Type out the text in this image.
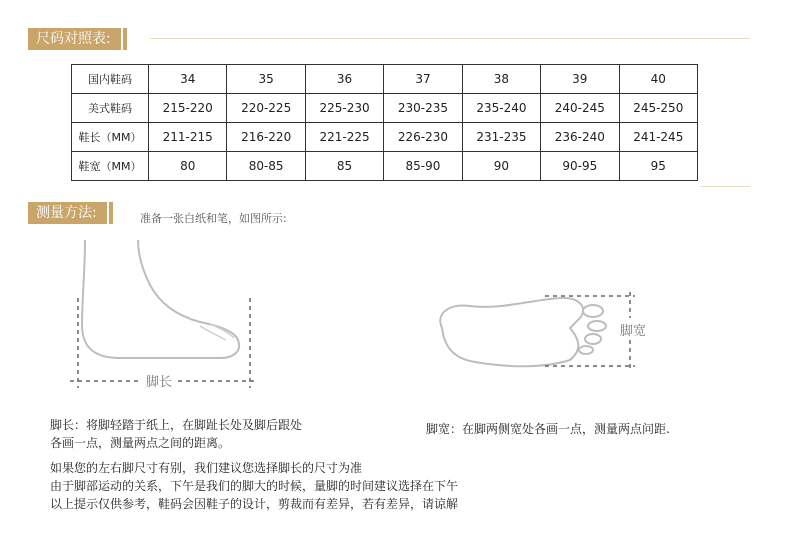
尺码对照表:
国内鞋码	34	35	36	37	38	39	40
美式鞋码	215-220	220-225	225-230	230-235	235-240	240-245	245-250
鞋长（MM）	211-215	216-220	221-225	226-230	231-235	236-240	241-245
鞋宽（MM）	80	80-85	85	85-90	90	90-95	95
测量方法:	准备一张白纸和笔，如图所示:
脚长
脚宽
脚长：将脚轻踏于纸上，在脚趾长处及脚后跟处
各画一点，测量两点之间的距离。
脚宽：在脚两侧宽处各画一点，测量两点问距.
如果您的左右脚尺寸有别，我们建议您选择脚长的尺寸为准
由于脚部运动的关系，下午是我们的脚大的时候，量脚的时间建议选择在下午
以上提示仅供参考，鞋码会因鞋子的设计，剪裁而有差异，若有差异，请谅解
